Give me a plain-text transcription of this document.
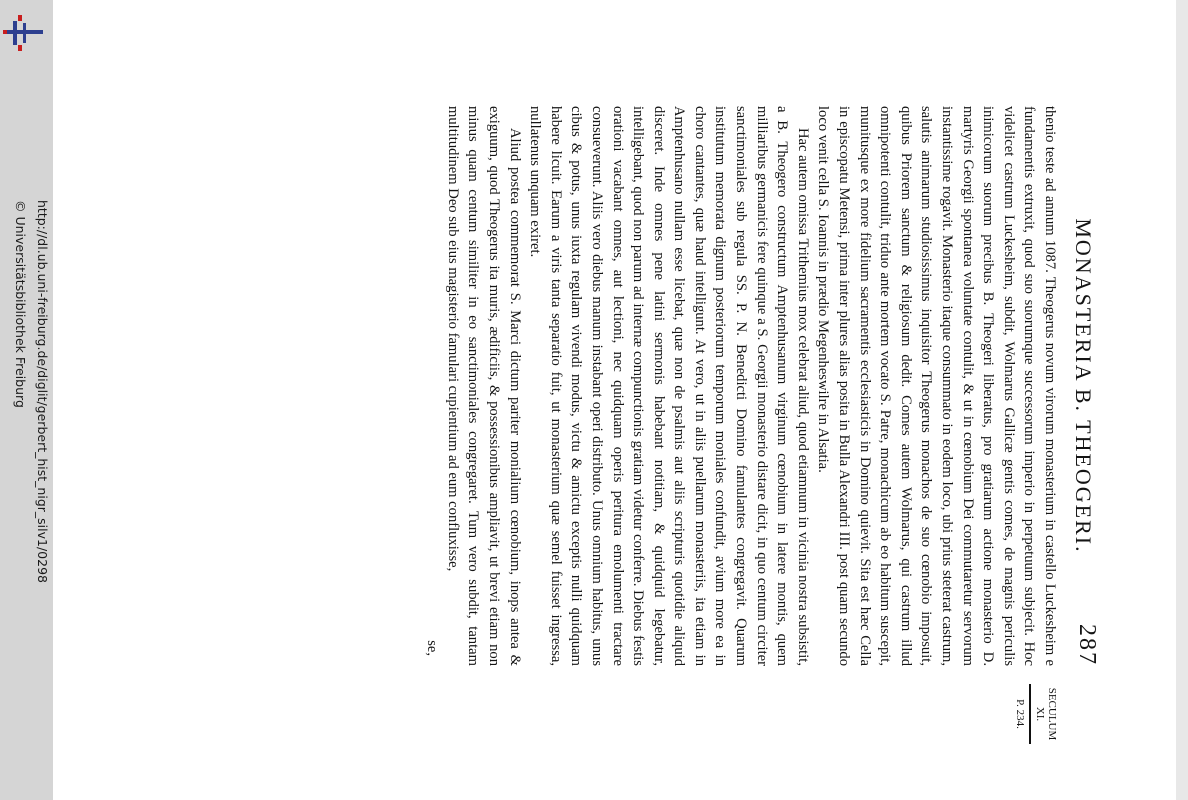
http://dl.ub.uni-freiburg.de/diglit/gerbert_hist_nigr_silv1/0298
© Universitätsbibliothek Freiburg	MONASTERIA B. THEOGERI.
287

thenio teste ad annum 1087. Theogerus novum virorum monasterium in castello Luckesheim e fundamentis extruxit, quod suo suorumque successorum imperio in perpetuum subjecit. Hoc videlicet castrum Luckesheim, subdit, Wolmarus Gallicæ gentis comes, de magnis periculis inimicorum suorum precibus B. Theogeri liberatus, pro gratiarum actione monasterio D. martyris Georgii spontanea voluntate contulit, & ut in cœnobium Dei commutaretur servorum instantissime rogavit. Monasterio itaque consummato in eodem loco, ubi prius steterat castrum, salutis animarum studiosissimus inquisitor Theogerus monachos de suo cœnobio imposuit, quibus Priorem sanctum & religiosum dedit. Comes autem Wolmarus, qui castrum illud omnipotenti contulit, triduo ante mortem vocato S. Patre, monachicum ab eo habitum suscepit, munitusque ex more fidelium sacramentis ecclesiasticis in Domino quievit. Sita est hæc Cella in episcopatu Metensi, prima inter plures alias posita in Bulla Alexandri III. post quam secundo loco venit cella S. Ioannis in prædio Megenheswilre in Alsatia.

Hac autem omissa Trithemius mox celebrat aliud, quod etiamnum in vicinia nostra subsistit, a B. Theogero constructum Amptenhusanum virginum cœnobium in latere montis, quem milliaribus germanicis fere quinque a S. Georgii monasterio distare dicit, in quo centum circiter sanctimoniales sub regula SS. P. N. Benedicti Domino famulantes congregavit. Quarum institutum memorata dignum posteriorum temporum moniales confundit, avium more ea in choro cantantes, quæ haud intelligunt. At vero, ut in aliis puellarum monasteriis, ita etiam in Amptenhusano nullam esse licebat, quæ non de psalmis aut aliis scripturis quotidie aliquid disceret. Inde omnes pene latini sermonis habebant notitiam, & quidquid legebatur, intelligebant, quod non parum ad internæ compunctionis gratiam videtur conferre. Diebus festis orationi vacabant omnes, aut lectioni, nec quidquam operis peritura emolumenti tractare consueverunt. Aliis vero diebus manum instabant operi distributo. Unus omnium habitus, unus cibus & potus, unus iuxta regulam vivendi modus, victu & amictu exceptis nulli quidquam habere licuit. Earum a viris tanta separatio fuit, ut monasterium quæ semel fuisset ingressa, nullatenus unquam exiret.

Aliud postea commemorat S. Marci dictum pariter monialium cœnobium, inops antea & exiguum, quod Theogerus ita muris, ædificiis, & possessionibus ampliavit, ut brevi etiam non minus quam centum similiter in eo sanctimoniales congregaret. Tum vero subdit, tantam multitudinem Deo sub eius magisterio famulari cupientium ad eum confluxisse,

se,
SECULUM
XI.
P. 234.
